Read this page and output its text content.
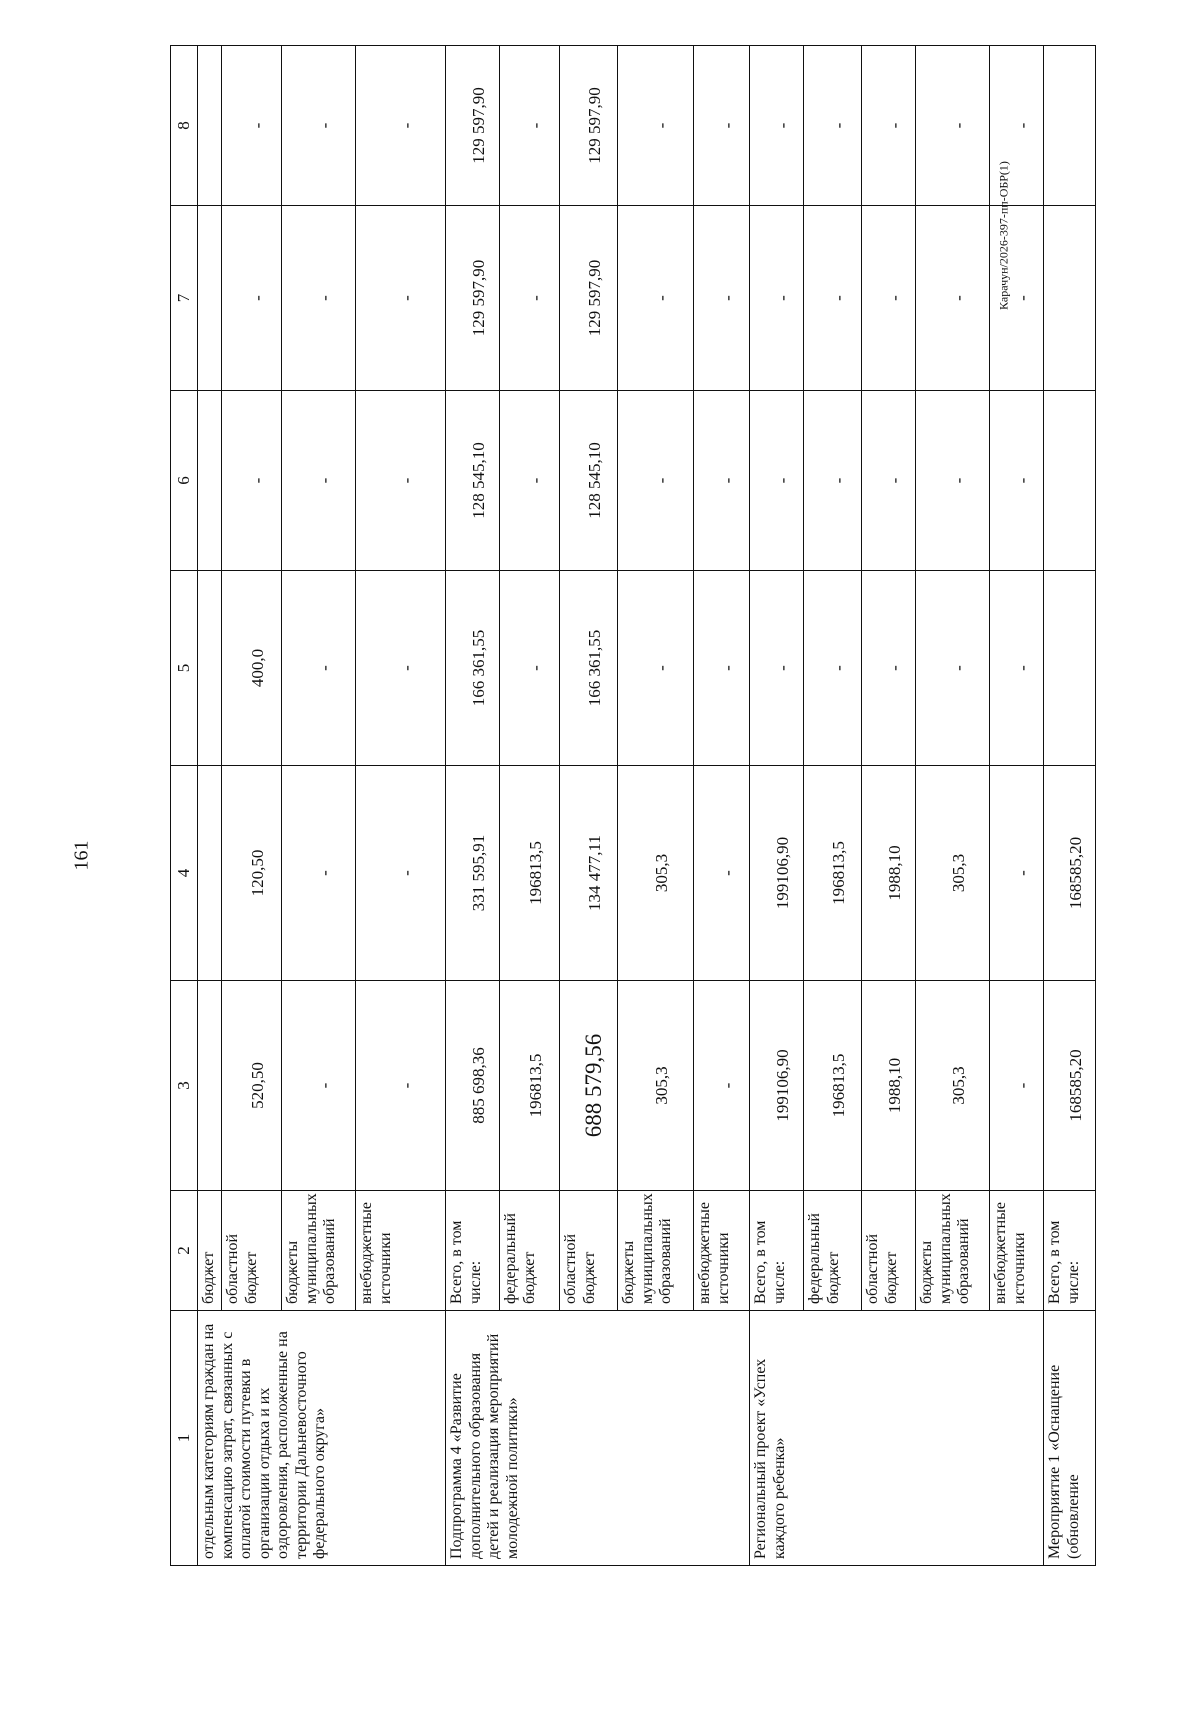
161
Карачун/2026-397-пп-ОБР(1)
1	2	3	4	5	6	7	8
отдельным категориям граждан на компенсацию затрат, связанных с оплатой стоимости путевки в организации отдыха и их оздоровления, расположенные на территории Дальневосточного федерального округа»	бюджет						
	областной бюджет	520,50	120,50	400,0	-	-	-
	бюджеты муниципальных образований	-	-	-	-	-	-
	внебюджетные источники	-	-	-	-	-	-
Подпрограмма 4 «Развитие дополнительного образования детей и реализация мероприятий молодежной политики»	Всего, в том числе:	885 698,36	331 595,91	166 361,55	128 545,10	129 597,90	129 597,90
	федеральный бюджет	196813,5	196813,5	-	-	-	-
	областной бюджет	688 579,56	134 477,11	166 361,55	128 545,10	129 597,90	129 597,90
	бюджеты муниципальных образований	305,3	305,3	-	-	-	-
	внебюджетные источники	-	-	-	-	-	-
Региональный проект «Успех каждого ребенка»	Всего, в том числе:	199106,90	199106,90	-	-	-	-
	федеральный бюджет	196813,5	196813,5	-	-	-	-
	областной бюджет	1988,10	1988,10	-	-	-	-
	бюджеты муниципальных образований	305,3	305,3	-	-	-	-
	внебюджетные источники	-	-	-	-	-	-
Мероприятие 1 «Оснащение (обновление	Всего, в том числе:	168585,20	168585,20				
